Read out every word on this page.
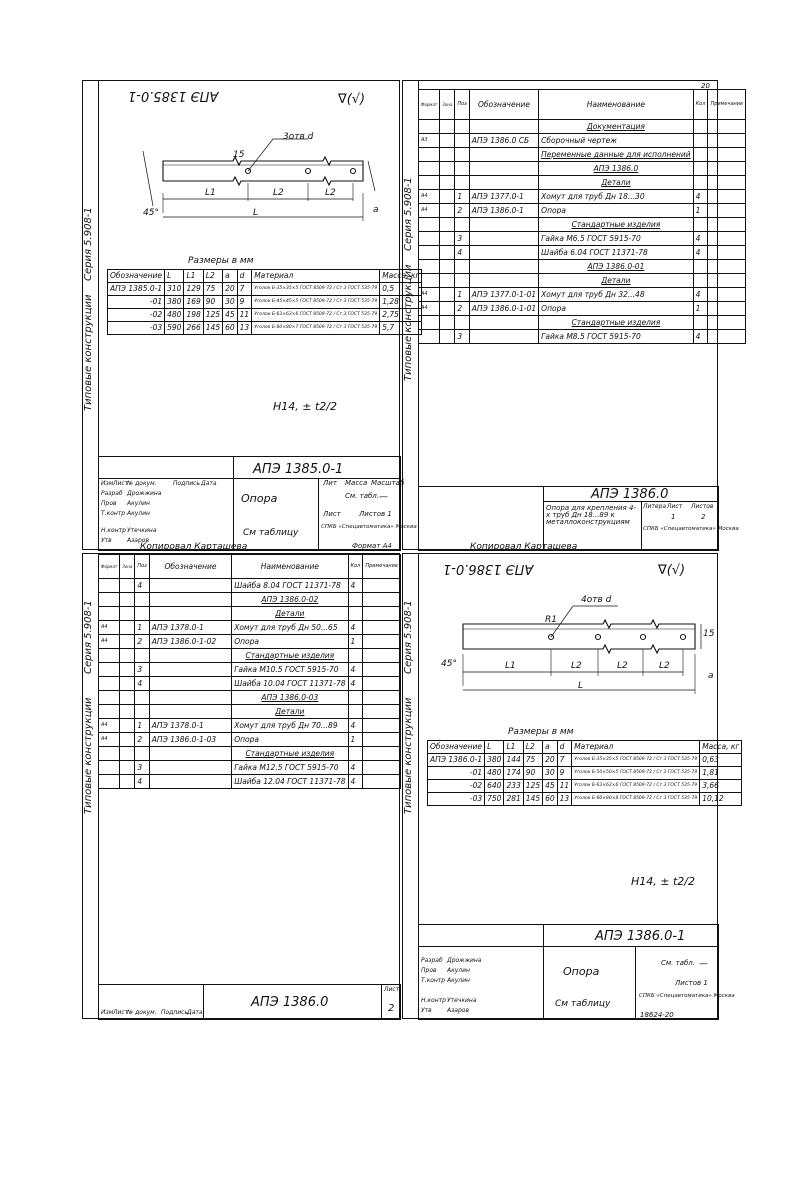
Серия 5.908-1
Типовые конструкции
АПЭ 1385.0-1	∇(√)
3отв d
45°
15
L1	L2	L2
L	a
Размеры в мм
Обозначение	L	L1	L2	a	d	Материал	Масса, кг
АПЭ 1385.0-1	310	129	75	20	7	Уголок Б-35×35×5 ГОСТ 8509-72 / Ст 3 ГОСТ 535-79	0,5
-01	380	169	90	30	9	Уголок Б-45×45×5 ГОСТ 8509-72 / Ст 3 ГОСТ 535-79	1,28
-02	480	198	125	45	11	Уголок Б-63×63×6 ГОСТ 8509-72 / Ст 3 ГОСТ 535-79	2,75
-03	590	266	145	60	13	Уголок Б-80×80×7 ГОСТ 8509-72 / Ст 3 ГОСТ 535-79	5,7
H14, ± t2/2
АПЭ 1385.0-1
Опора
Лит Масса Масштаб
См. табл. —
Лист	Листов 1
СПКБ «Спецавтоматика» Москва
См таблицу
Изм Лист
№ докум.	Подпись Дата
Разраб
Пров
Т.контр
Н.контр
Утв
Дрожжина
Акулин
Акулин
Утечкина
Азаров
Копировал Карташева	Формат А4
Серия 5.908-1
Типовые конструкции
20
Формат	Зона	Поз	Обозначение	Наименование	Кол	Примечание
				Документация		
А3			АПЭ 1386.0 СБ	Сборочный чертеж		
				Переменные данные для исполнений		
				АПЭ 1386.0		
				Детали		
А4		1	АПЭ 1377.0-1	Хомут для труб Дн 18...30	4	
А4		2	АПЭ 1386.0-1	Опора	1	
				Стандартные изделия		
		3		Гайка М6.5 ГОСТ 5915-70	4	
		4		Шайба 6.04 ГОСТ 11371-78	4	
				АПЭ 1386.0-01		
				Детали		
А4		1	АПЭ 1377.0-1-01	Хомут для труб Дн 32...48	4	
А4		2	АПЭ 1386.0-1-01	Опора	1	
				Стандартные изделия		
		3		Гайка М8.5 ГОСТ 5915-70	4	
АПЭ 1386.0
Опора для крепления 4-х труб Дн 18...89 к металлоконструкциям
Литера Лист Листов
1	2
СПКБ «Спецавтоматика» Москва
Копировал Карташева
Серия 5.908-1
Типовые конструкции
Формат	Зона	Поз	Обозначение	Наименование	Кол	Примечание
		4		Шайба 8.04 ГОСТ 11371-78	4	
				АПЭ 1386.0-02		
				Детали		
А4		1	АПЭ 1378.0-1	Хомут для труб Дн 50...65	4	
А4		2	АПЭ 1386.0-1-02	Опора	1	
				Стандартные изделия		
		3		Гайка М10.5 ГОСТ 5915-70	4	
		4		Шайба 10.04 ГОСТ 11371-78	4	
				АПЭ 1386.0-03		
				Детали		
А4		1	АПЭ 1378.0-1	Хомут для труб Дн 70...89	4	
А4		2	АПЭ 1386.0-1-03	Опора	1	
				Стандартные изделия		
		3		Гайка М12.5 ГОСТ 5915-70	4	
		4		Шайба 12.04 ГОСТ 11371-78	4	
АПЭ 1386.0
Лист
2
Изм Лист
№ докум. Подпись Дата
Серия 5.908-1
Типовые конструкции
АПЭ 1386.0-1	∇(√)
4отв d
R1
45°
15
L1	L2	L2	L2
L
a
Размеры в мм
Обозначение	L	L1	L2	a	d	Материал	Масса, кг
АПЭ 1386.0-1	380	144	75	20	7	Уголок Б-35×35×5 ГОСТ 8509-72 / Ст 3 ГОСТ 535-79	0,63
-01	480	174	90	30	9	Уголок Б-50×50×5 ГОСТ 8509-72 / Ст 3 ГОСТ 535-79	1,81
-02	640	233	125	45	11	Уголок Б-63×63×6 ГОСТ 8509-72 / Ст 3 ГОСТ 535-79	3,66
-03	750	281	145	60	13	Уголок Б-80×80×8 ГОСТ 8509-72 / Ст 3 ГОСТ 535-79	10,12
H14, ± t2/2
АПЭ 1386.0-1
Опора
См. табл. —
Листов 1
СПКБ «Спецавтоматика» Москва
См таблицу
Разраб
Пров
Т.контр
Н.контр
Утв
Дрожжина
Акулин
Акулин
Утечкина
Азаров
18624-20
